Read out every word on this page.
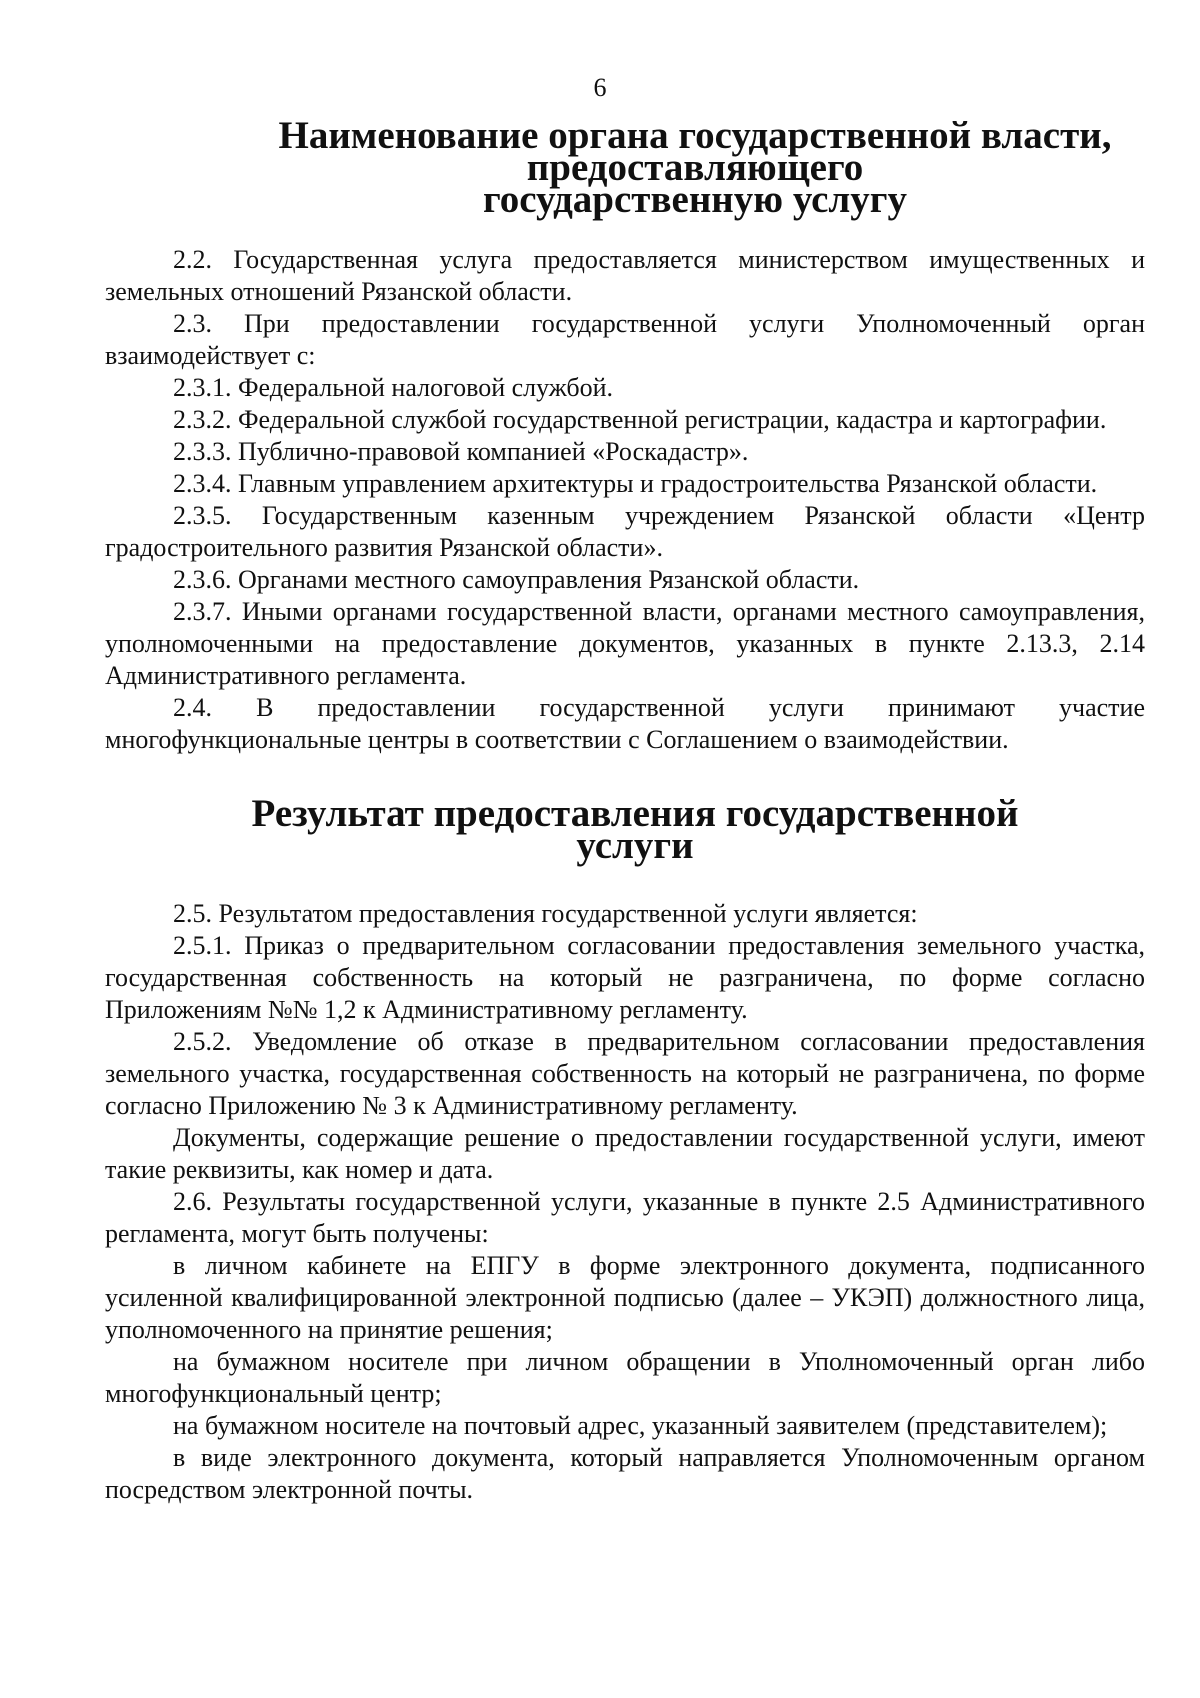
6
Наименование органа государственной власти, предоставляющего
государственную услугу

2.2. Государственная услуга предоставляется министерством имущественных и земельных отношений Рязанской области.

2.3. При предоставлении государственной услуги Уполномоченный орган взаимодействует с:

2.3.1. Федеральной налоговой службой.

2.3.2. Федеральной службой государственной регистрации, кадастра и картографии.

2.3.3. Публично-правовой компанией «Роскадастр».

2.3.4. Главным управлением архитектуры и градостроительства Рязанской области.

2.3.5. Государственным казенным учреждением Рязанской области «Центр градостроительного развития Рязанской области».

2.3.6. Органами местного самоуправления Рязанской области.

2.3.7. Иными органами государственной власти, органами местного самоуправления, уполномоченными на предоставление документов, указанных в пункте 2.13.3, 2.14 Административного регламента.

2.4. В предоставлении государственной услуги принимают участие многофункциональные центры в соответствии с Соглашением о взаимодействии.

Результат предоставления государственной
услуги

2.5. Результатом предоставления государственной услуги является:

2.5.1. Приказ о предварительном согласовании предоставления земельного участка, государственная собственность на который не разграничена, по форме согласно Приложениям №№ 1,2 к Административному регламенту.

2.5.2. Уведомление об отказе в предварительном согласовании предоставления земельного участка, государственная собственность на который не разграничена, по форме согласно Приложению № 3 к Административному регламенту.

Документы, содержащие решение о предоставлении государственной услуги, имеют такие реквизиты, как номер и дата.

2.6. Результаты государственной услуги, указанные в пункте 2.5 Административного регламента, могут быть получены:

в личном кабинете на ЕПГУ в форме электронного документа, подписанного усиленной квалифицированной электронной подписью (далее – УКЭП) должностного лица, уполномоченного на принятие решения;

на бумажном носителе при личном обращении в Уполномоченный орган либо многофункциональный центр;

на бумажном носителе на почтовый адрес, указанный заявителем (представителем);

в виде электронного документа, который направляется Уполномоченным органом посредством электронной почты.
